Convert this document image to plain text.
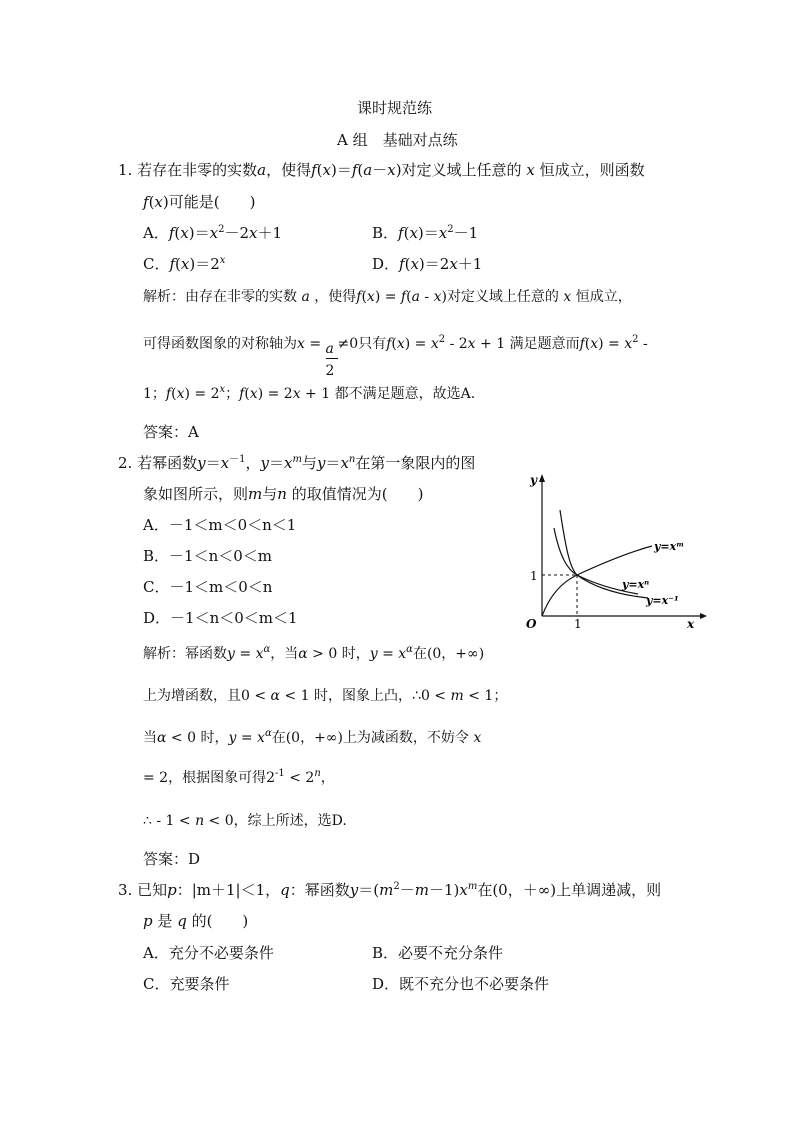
课时规范练
A 组　基础对点练
1. 若存在非零的实数a，使得f(x)＝f(a－x)对定义域上任意的 x 恒成立，则函数
f(x)可能是(　　)
A．$f(x)=x^2-2x+1$	B．$f(x)=x^2-1$
C．$f(x)=2^x$	D．f(x)＝2x＋1
解析：由存在非零的实数 a ，使得f(x) = f(a - x)对定义域上任意的 x 恒成立，
可得函数图象的对称轴为x =
$\frac{a}{2}$
≠0只有$f(x) = x^2 - 2x + 1$ 满足题意而$f(x) = x^2$ -
1；$f(x) = 2^x$；f(x) = 2x + 1 都不满足题意，故选A.
答案：A
2. 若幂函数$y=x^{-1}$，$y=x^m$与$y=x^n$在第一象限内的图
象如图所示，则m与n 的取值情况为(　　)
A．－1＜m＜0＜n＜1
B．－1＜n＜0＜m
C．－1＜m＜0＜n
D．－1＜n＜0＜m＜1
y
x
O
1
1
y=xᵐ
y=xⁿ
y=x⁻¹
解析：幂函数$y = x^\alpha$，当α > 0 时，$y = x^\alpha$在(0，+∞)
上为增函数，且0 < α < 1 时，图象上凸，∴0 < m < 1；
当α < 0 时，$y = x^\alpha$在(0，+∞)上为减函数，不妨令 x
= 2，根据图象可得$2^{-1} < 2^n$，
∴ - 1 < n < 0，综上所述，选D.
答案：D
3. 已知p：|m＋1|＜1，q：幂函数$y=(m^2-m-1)x^m$在(0，＋∞)上单调递减，则
p 是 q 的(　　)
A．充分不必要条件	B．必要不充分条件
C．充要条件	D．既不充分也不必要条件
